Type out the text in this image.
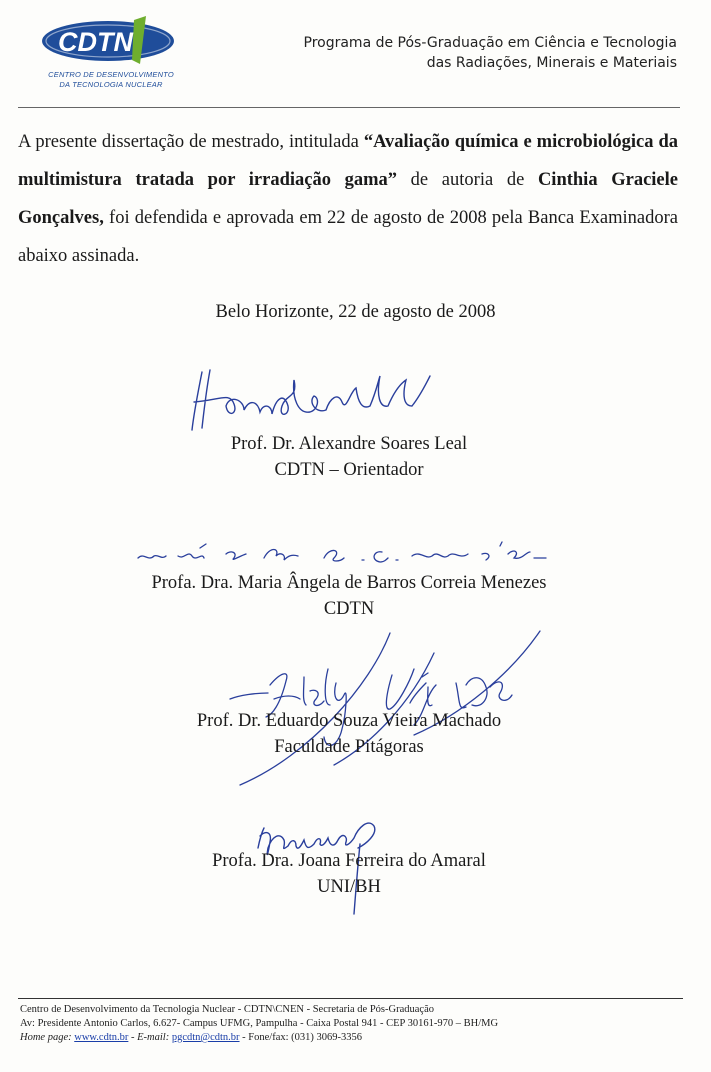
CDTN
CENTRO DE DESENVOLVIMENTO
DA TECNOLOGIA NUCLEAR
Programa de Pós-Graduação em Ciência e Tecnologia
das Radiações, Minerais e Materiais
A presente dissertação de mestrado, intitulada “Avaliação química e microbiológica da multimistura tratada por irradiação gama” de autoria de Cinthia Graciele Gonçalves, foi defendida e aprovada em 22 de agosto de 2008 pela Banca Examinadora abaixo assinada.
Belo Horizonte, 22 de agosto de 2008
Prof. Dr. Alexandre Soares Leal
CDTN – Orientador
Profa. Dra. Maria Ângela de Barros Correia Menezes
CDTN
Prof. Dr. Eduardo Souza Vieira Machado
Faculdade Pitágoras
Profa. Dra. Joana Ferreira do Amaral
UNI/BH
Centro de Desenvolvimento da Tecnologia Nuclear - CDTN\CNEN - Secretaria de Pós-Graduação
Av: Presidente Antonio Carlos, 6.627- Campus UFMG, Pampulha - Caixa Postal 941 - CEP 30161-970 – BH/MG
Home page: www.cdtn.br - E-mail: pgcdtn@cdtn.br - Fone/fax: (031) 3069-3356
